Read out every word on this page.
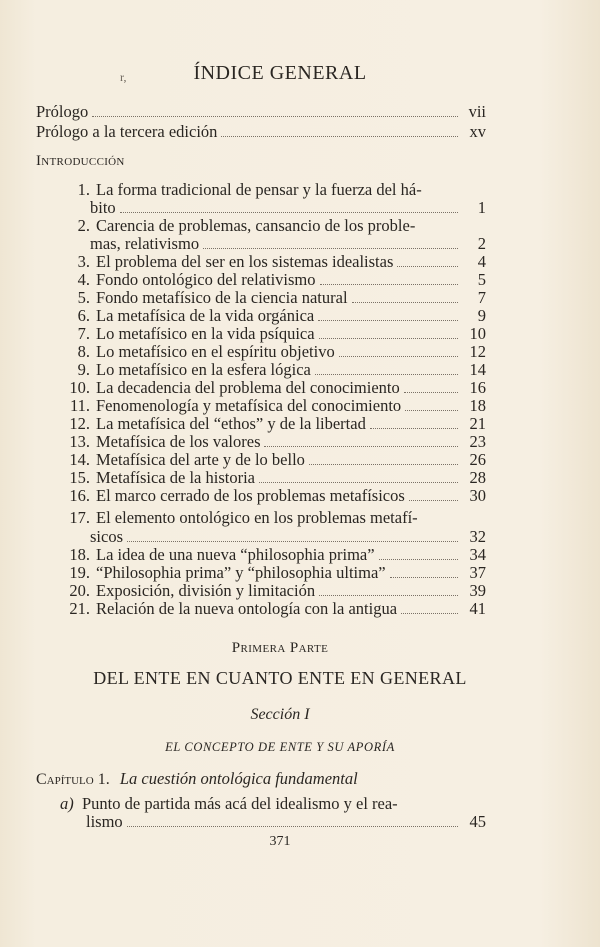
r,	ÍNDICE GENERAL
Prólogo	vii
Prólogo a la tercera edición	xv
Introducción
1. La forma tradicional de pensar y la fuerza del há-
bito	1
2. Carencia de problemas, cansancio de los proble-
mas, relativismo	2
3. El problema del ser en los sistemas idealistas	4
4. Fondo ontológico del relativismo	5
5. Fondo metafísico de la ciencia natural	7
6. La metafísica de la vida orgánica	9
7. Lo metafísico en la vida psíquica	10
8. Lo metafísico en el espíritu objetivo	12
9. Lo metafísico en la esfera lógica	14
10. La decadencia del problema del conocimiento	16
11. Fenomenología y metafísica del conocimiento	18
12. La metafísica del “ethos” y de la libertad	21
13. Metafísica de los valores	23
14. Metafísica del arte y de lo bello	26
15. Metafísica de la historia	28
16. El marco cerrado de los problemas metafísicos	30
17. El elemento ontológico en los problemas metafí-
sicos	32
18. La idea de una nueva “philosophia prima”	34
19. “Philosophia prima” y “philosophia ultima”	37
20. Exposición, división y limitación	39
21. Relación de la nueva ontología con la antigua	41
Primera Parte
DEL ENTE EN CUANTO ENTE EN GENERAL
Sección I
EL CONCEPTO DE ENTE Y SU APORÍA
Capítulo 1. La cuestión ontológica fundamental
a) Punto de partida más acá del idealismo y el rea-
lismo	45
371
